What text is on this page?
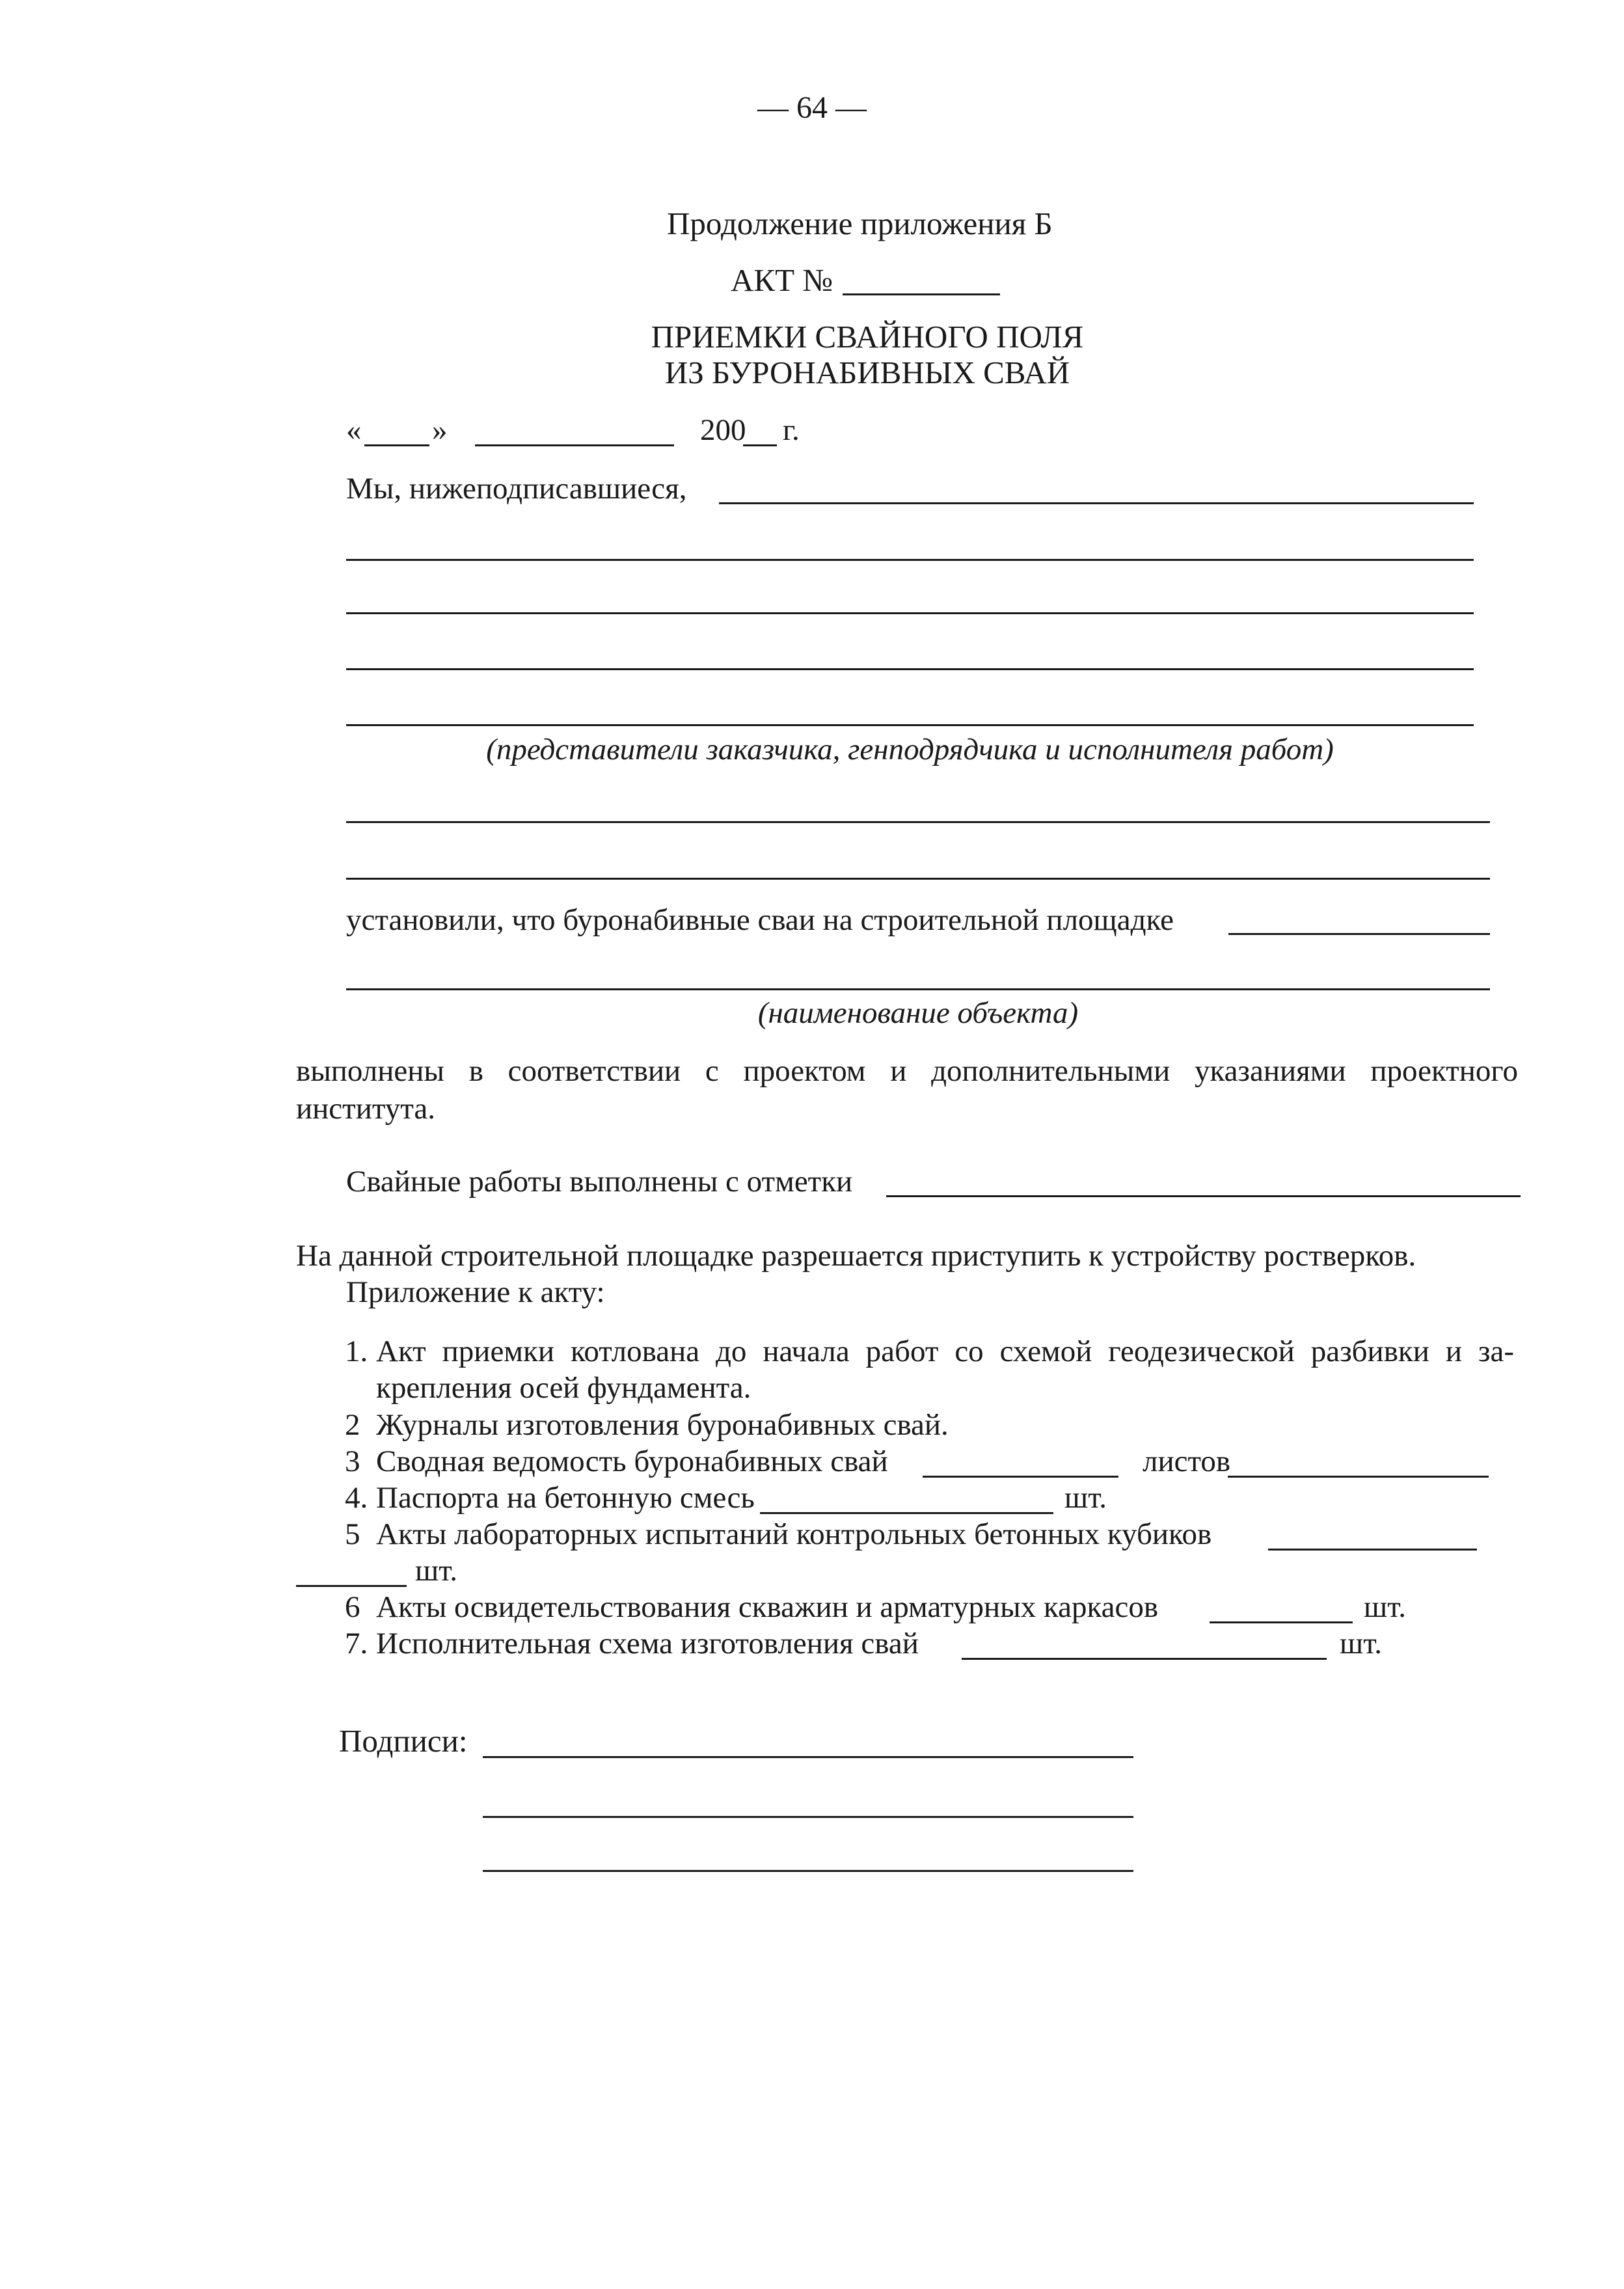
— 64 —
Продолжение приложения Б
АКТ №
ПРИЕМКИ СВАЙНОГО ПОЛЯ
ИЗ БУРОНАБИВНЫХ СВАЙ
« »	200 г.
Мы, нижеподписавшиеся,
(представители заказчика, генподрядчика и исполнителя работ)
установили, что буронабивные сваи на строительной площадке
(наименование объекта)
выполнены в соответствии с проектом и дополнительными указаниями проектного
института.
Свайные работы выполнены с отметки
На данной строительной площадке разрешается приступить к устройству ростверков.
Приложение к акту:
1. Акт приемки котлована до начала работ со схемой геодезической разбивки и за-
крепления осей фундамента.
2 Журналы изготовления буронабивных свай.
3 Сводная ведомость буронабивных свай	листов
4. Паспорта на бетонную смесь	шт.
5 Акты лабораторных испытаний контрольных бетонных кубиков
шт.
6 Акты освидетельствования скважин и арматурных каркасов	шт.
7. Исполнительная схема изготовления свай	шт.
Подписи:
